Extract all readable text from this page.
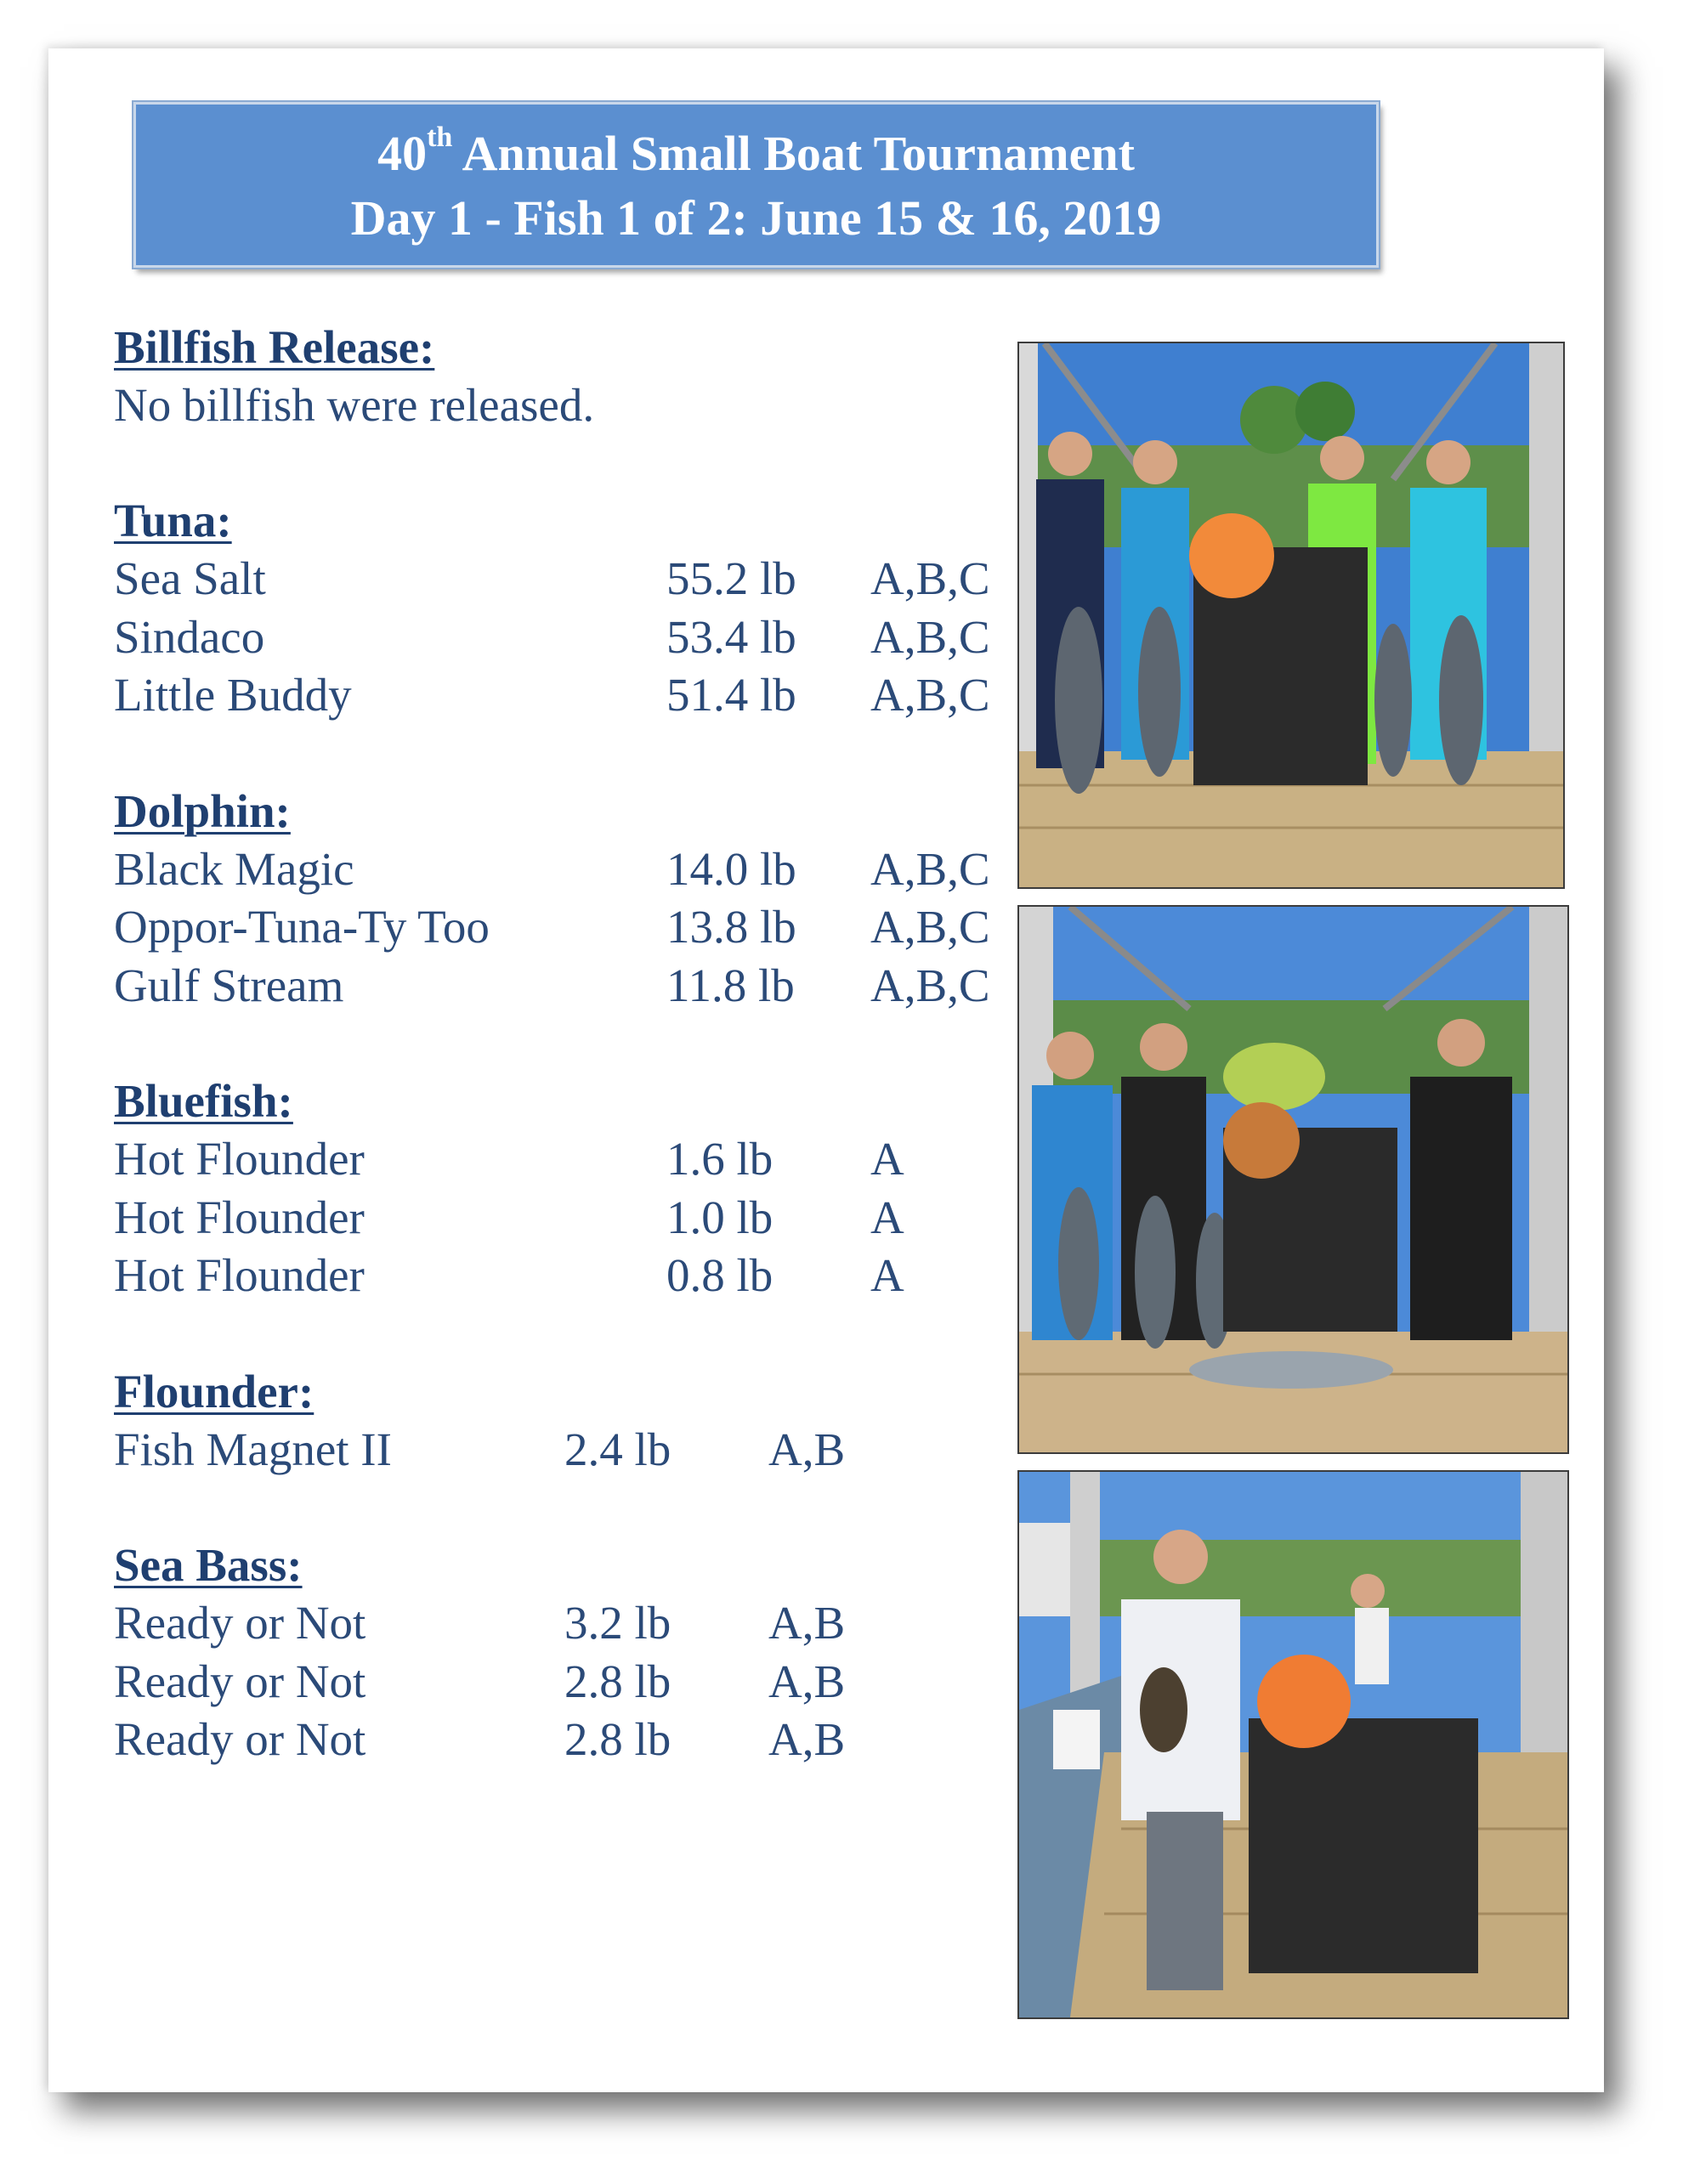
40th Annual Small Boat Tournament
Day 1 - Fish 1 of 2: June 15 & 16, 2019
Billfish Release:
No billfish were released.
Tuna:
Sea Salt	55.2 lb A,B,C
Sindaco	53.4 lb A,B,C
Little Buddy	51.4 lb A,B,C
Dolphin:
Black Magic	14.0 lb A,B,C
Oppor-Tuna-Ty Too	13.8 lb A,B,C
Gulf Stream	11.8 lb A,B,C
Bluefish:
Hot Flounder	1.6 lb A
Hot Flounder	1.0 lb A
Hot Flounder	0.8 lb A
Flounder:
Fish Magnet II	2.4 lb A,B
Sea Bass:
Ready or Not	3.2 lb A,B
Ready or Not	2.8 lb A,B
Ready or Not	2.8 lb A,B
